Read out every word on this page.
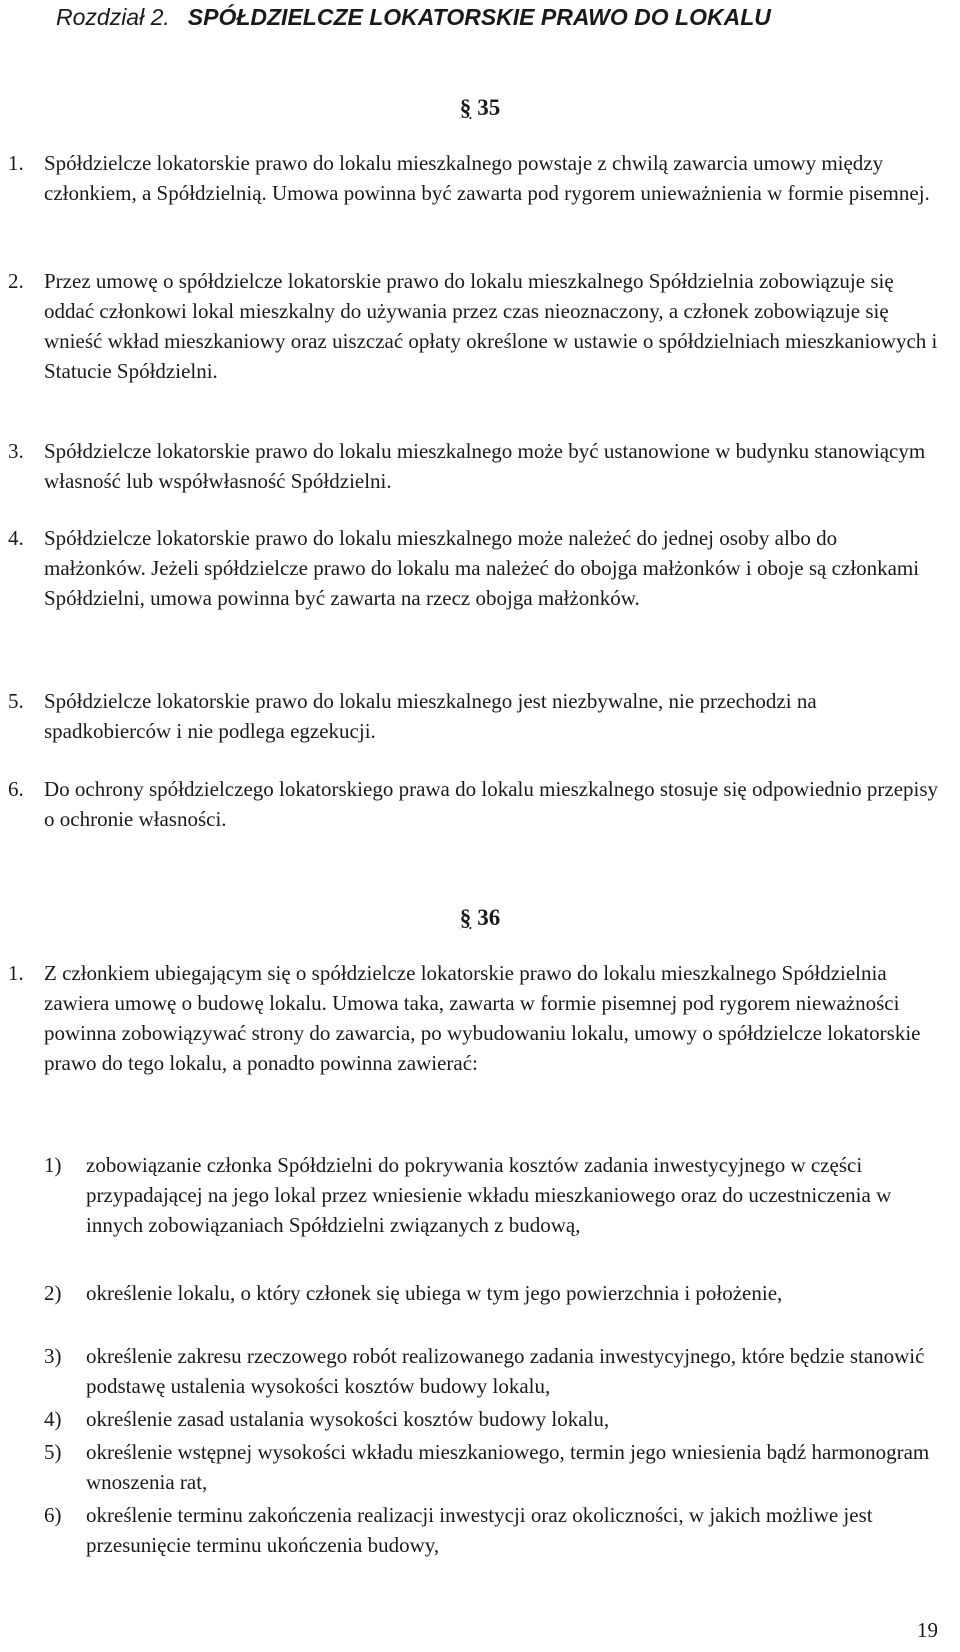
Rozdział 2. SPÓŁDZIELCZE LOKATORSKIE PRAWO DO LOKALU
§ 35
1. Spółdzielcze lokatorskie prawo do lokalu mieszkalnego powstaje z chwilą zawarcia umowy między członkiem, a Spółdzielnią. Umowa powinna być zawarta pod rygorem unieważnienia w formie pisemnej.
2. Przez umowę o spółdzielcze lokatorskie prawo do lokalu mieszkalnego Spółdzielnia zobowiązuje się oddać członkowi lokal mieszkalny do używania przez czas nieoznaczony, a członek zobowiązuje się wnieść wkład mieszkaniowy oraz uiszczać opłaty określone w ustawie o spółdzielniach mieszkaniowych i Statucie Spółdzielni.
3. Spółdzielcze lokatorskie prawo do lokalu mieszkalnego może być ustanowione w budynku stanowiącym własność lub współwłasność Spółdzielni.
4. Spółdzielcze lokatorskie prawo do lokalu mieszkalnego może należeć do jednej osoby albo do małżonków. Jeżeli spółdzielcze prawo do lokalu ma należeć do obojga małżonków i oboje są członkami Spółdzielni, umowa powinna być zawarta na rzecz obojga małżonków.
5. Spółdzielcze lokatorskie prawo do lokalu mieszkalnego jest niezbywalne, nie przechodzi na spadkobierców i nie podlega egzekucji.
6. Do ochrony spółdzielczego lokatorskiego prawa do lokalu mieszkalnego stosuje się odpowiednio przepisy o ochronie własności.
§ 36
1. Z członkiem ubiegającym się o spółdzielcze lokatorskie prawo do lokalu mieszkalnego Spółdzielnia zawiera umowę o budowę lokalu. Umowa taka, zawarta w formie pisemnej pod rygorem nieważności powinna zobowiązywać strony do zawarcia, po wybudowaniu lokalu, umowy o spółdzielcze lokatorskie prawo do tego lokalu, a ponadto powinna zawierać:
1) zobowiązanie członka Spółdzielni do pokrywania kosztów zadania inwestycyjnego w części przypadającej na jego lokal przez wniesienie wkładu mieszkaniowego oraz do uczestniczenia w innych zobowiązaniach Spółdzielni związanych z budową,
2) określenie lokalu, o który członek się ubiega w tym jego powierzchnia i położenie,
3) określenie zakresu rzeczowego robót realizowanego zadania inwestycyjnego, które będzie stanowić podstawę ustalenia wysokości kosztów budowy lokalu,
4) określenie zasad ustalania wysokości kosztów budowy lokalu,
5) określenie wstępnej wysokości wkładu mieszkaniowego, termin jego wniesienia bądź harmonogram wnoszenia rat,
6) określenie terminu zakończenia realizacji inwestycji oraz okoliczności, w jakich możliwe jest przesunięcie terminu ukończenia budowy,
19
